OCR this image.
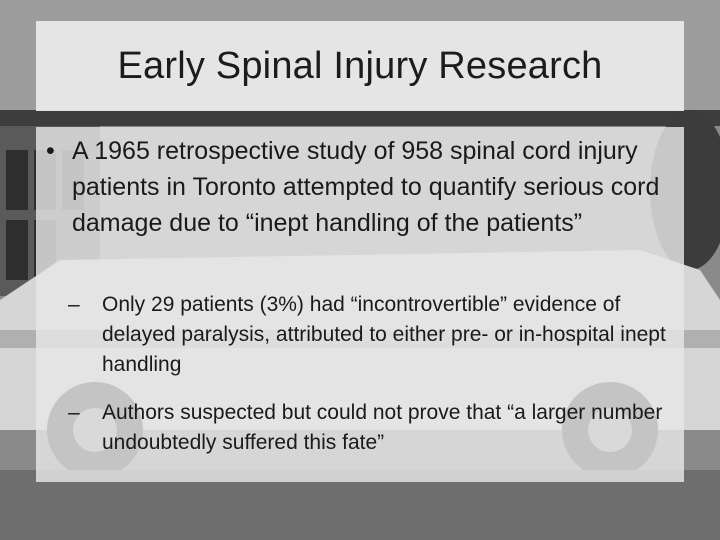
Early Spinal Injury Research
• A 1965 retrospective study of 958 spinal cord injury patients in Toronto attempted to quantify serious cord damage due to “inept handling of the patients”
– Only 29 patients (3%) had “incontrovertible” evidence of delayed paralysis, attributed to either pre- or in-hospital inept handling
– Authors suspected but could not prove that “a larger number undoubtedly suffered this fate”
